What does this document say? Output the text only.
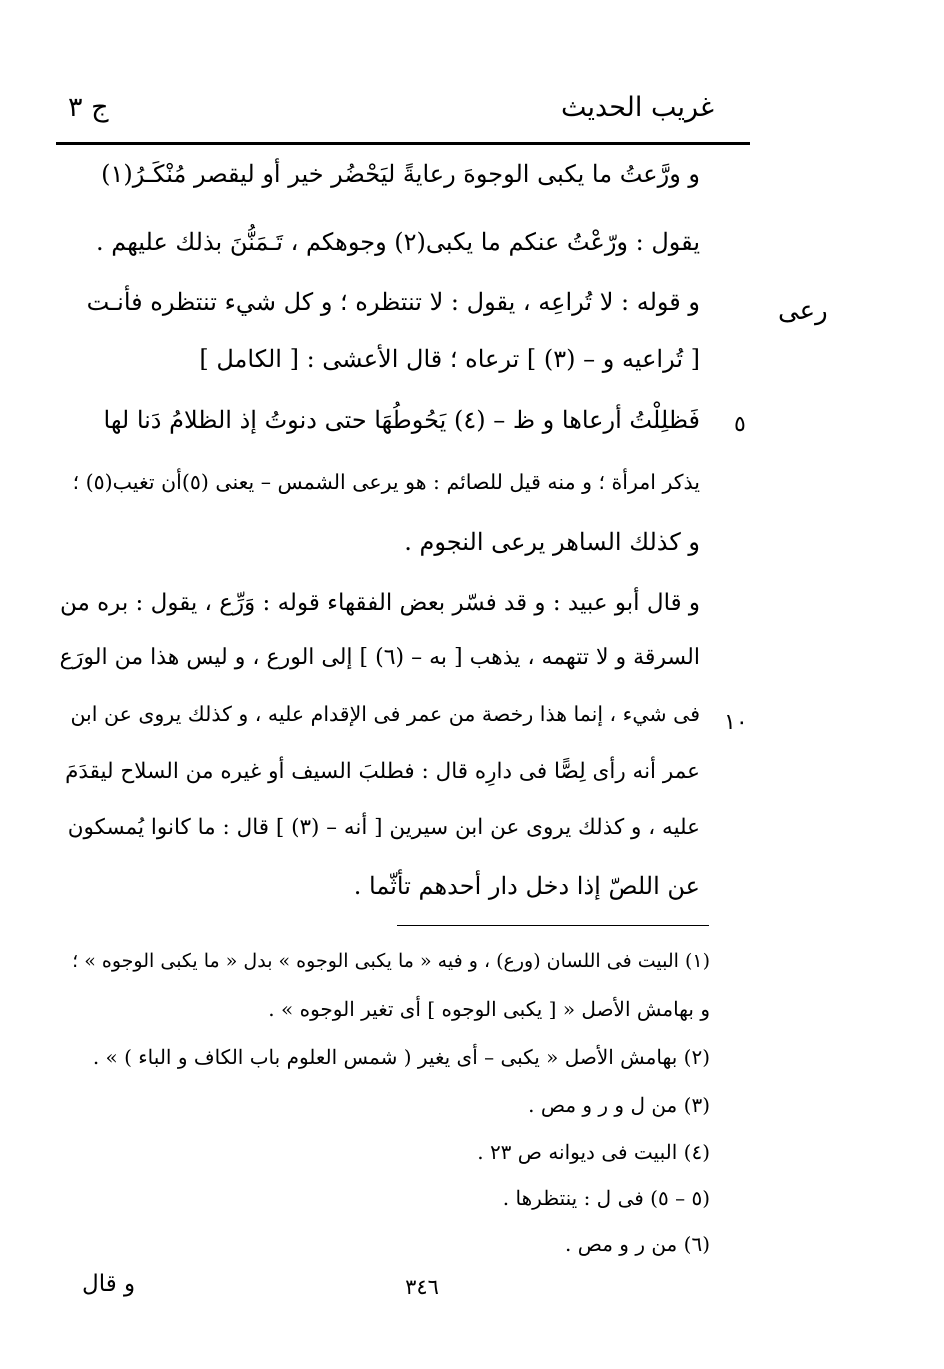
غريب الحديث
ج ٣
و ورَّعتُ ما يكبى الوجوهَ رعايةً ليَحْضُر خير أو ليقصر مُنْكَـرُ(١)
يقول : ورّعْتُ عنكم ما يكبى(٢) وجوهكم ، تَـمَنُّنَ بذلك عليهم .
رعى
و قوله : لا تُراعِه ، يقول : لا تنتظره ؛ و كل شيء تنتظره فأنـت
[ تُراعيه و – (٣) ] ترعاه ؛ قال الأعشى : [ الكامل ]
٥
فَظلِلْتُ أرعاها و ظ – (٤) يَحُوطُهَا حتى دنوتُ إذ الظلامُ دَنا لها
يذكر امرأة ؛ و منه قيل للصائم : هو يرعى الشمس – يعنى (٥)أن تغيب(٥) ؛
و كذلك الساهر يرعى النجوم .
و قال أبو عبيد : و قد فسّر بعض الفقهاء قوله : وَرِّع ، يقول : بره من
السرقة و لا تتهمه ، يذهب [ به – (٦) ] إلى الورع ، و ليس هذا من الورَع
١٠
فى شيء ، إنما هذا رخصة من عمر فى الإقدام عليه ، و كذلك يروى عن ابن
عمر أنه رأى لِصًّا فى دارِه قال : فطلبَ السيف أو غيره من السلاح ليقدَمَ
عليه ، و كذلك يروى عن ابن سيرين [ أنه – (٣) ] قال : ما كانوا يُمسكون
عن اللصّ إذا دخل دار أحدهم تأثّما .
(١) البيت فى اللسان (ورع) ، و فيه « ما يكبى الوجوه » بدل « ما يكبى الوجوه » ؛
و بهامش الأصل « [ يكبى الوجوه ] أى تغير الوجوه » .
(٢) بهامش الأصل « يكبى – أى يغير ( شمس العلوم باب الكاف و الباء ) » .
(٣) من ل و ر و مص .
(٤) البيت فى ديوانه ص ٢٣ .
(٥ – ٥) فى ل : ينتظرها .
(٦) من ر و مص .
٣٤٦
و قال
